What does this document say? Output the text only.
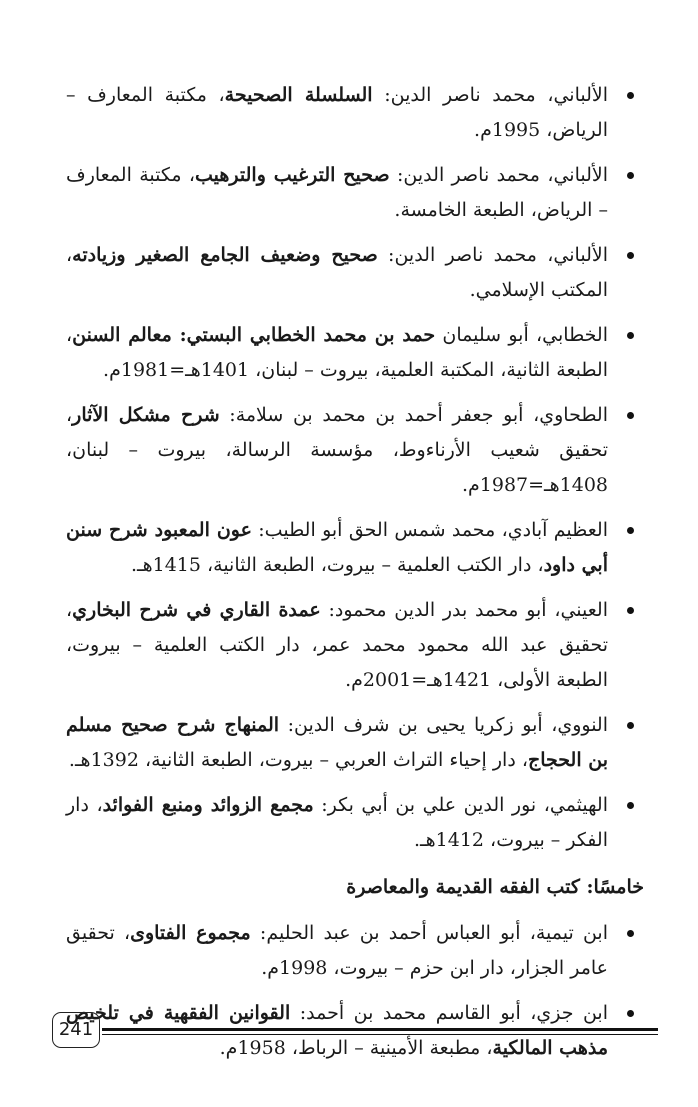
الألباني، محمد ناصر الدين: السلسلة الصحيحة، مكتبة المعارف – الرياض، 1995م.
الألباني، محمد ناصر الدين: صحيح الترغيب والترهيب، مكتبة المعارف – الرياض، الطبعة الخامسة.
الألباني، محمد ناصر الدين: صحيح وضعيف الجامع الصغير وزيادته، المكتب الإسلامي.
الخطابي، أبو سليمان حمد بن محمد الخطابي البستي: معالم السنن، الطبعة الثانية، المكتبة العلمية، بيروت – لبنان، 1401هـ=1981م.
الطحاوي، أبو جعفر أحمد بن محمد بن سلامة: شرح مشكل الآثار، تحقيق شعيب الأرناءوط، مؤسسة الرسالة، بيروت – لبنان، 1408هـ=1987م.
العظيم آبادي، محمد شمس الحق أبو الطيب: عون المعبود شرح سنن أبي داود، دار الكتب العلمية – بيروت، الطبعة الثانية، 1415هـ.
العيني، أبو محمد بدر الدين محمود: عمدة القاري في شرح البخاري، تحقيق عبد الله محمود محمد عمر، دار الكتب العلمية – بيروت، الطبعة الأولى، 1421هـ=2001م.
النووي، أبو زكريا يحيى بن شرف الدين: المنهاج شرح صحيح مسلم بن الحجاج، دار إحياء التراث العربي – بيروت، الطبعة الثانية، 1392هـ.
الهيثمي، نور الدين علي بن أبي بكر: مجمع الزوائد ومنبع الفوائد، دار الفكر – بيروت، 1412هـ.
خامسًا: كتب الفقه القديمة والمعاصرة
ابن تيمية، أبو العباس أحمد بن عبد الحليم: مجموع الفتاوى، تحقيق عامر الجزار، دار ابن حزم – بيروت، 1998م.
ابن جزي، أبو القاسم محمد بن أحمد: القوانين الفقهية في تلخيص مذهب المالكية، مطبعة الأمينية – الرباط، 1958م.
241
